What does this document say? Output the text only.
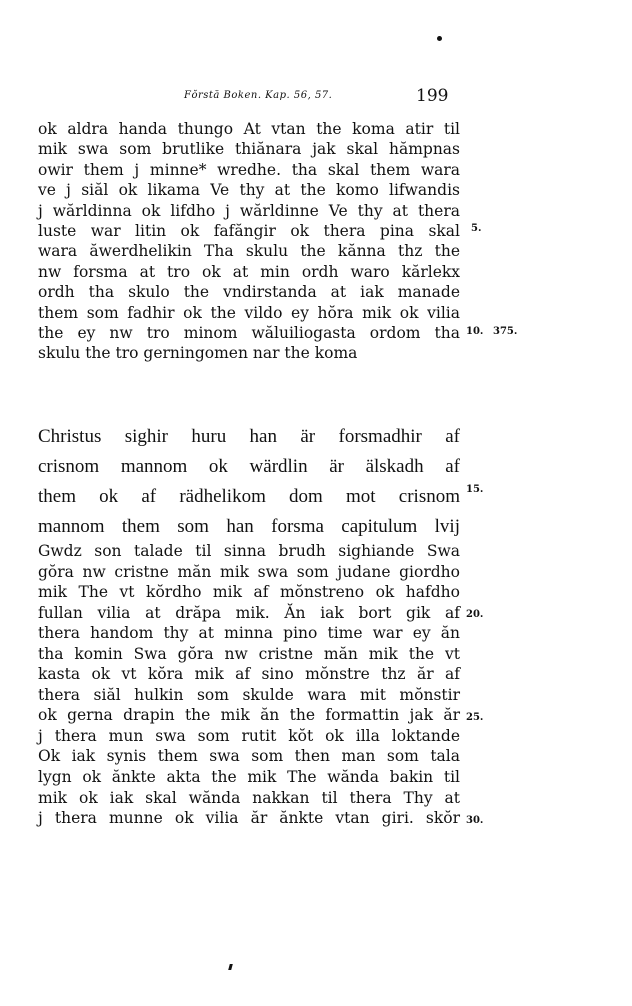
Fŏrstă Boken. Kap. 56, 57.	199
ok aldra handa thungo At vtan the koma atir til
mik swa som brutlike thiănara jak skal hămpnas
owir them j minne* wredhe. tha skal them wara
ve j siăl ok likama Ve thy at the komo lifwandis
j wărldinna ok lifdho j wărldinne Ve thy at thera
luste war litin ok fafăngir ok thera pina skal
wara ăwerdhelikin Tha skulu the kănna thz the
nw forsma at tro ok at min ordh waro kărlekx
ordh tha skulo the vndirstanda at iak manade
them som fadhir ok the vildo ey hŏra mik ok vilia
the ey nw tro minom wăluiliogasta ordom tha
skulu the tro gerningomen nar the koma
Christus sighir huru han är forsmadhir af
crisnom mannom ok wärdlin är älskadh af
them ok af rädhelikom dom mot crisnom
mannom them som han forsma capitulum lvij
Gwdz son talade til sinna brudh sighiande Swa
gŏra nw cristne măn mik swa som judane giordho
mik The vt kŏrdho mik af mŏnstreno ok hafdho
fullan vilia at drăpa mik. Ăn iak bort gik af
thera handom thy at minna pino time war ey ăn
tha komin Swa gŏra nw cristne măn mik the vt
kasta ok vt kŏra mik af sino mŏnstre thz ăr af
thera siăl hulkin som skulde wara mit mŏnstir
ok gerna drapin the mik ăn the formattin jak ăr
j thera mun swa som rutit kŏt ok illa loktande
Ok iak synis them swa som then man som tala
lygn ok ănkte akta the mik The wănda bakin til
mik ok iak skal wănda nakkan til thera Thy at
j thera munne ok vilia ăr ănkte vtan giri. skŏr
5.
10. 375.
15.
20.
25.
30.
